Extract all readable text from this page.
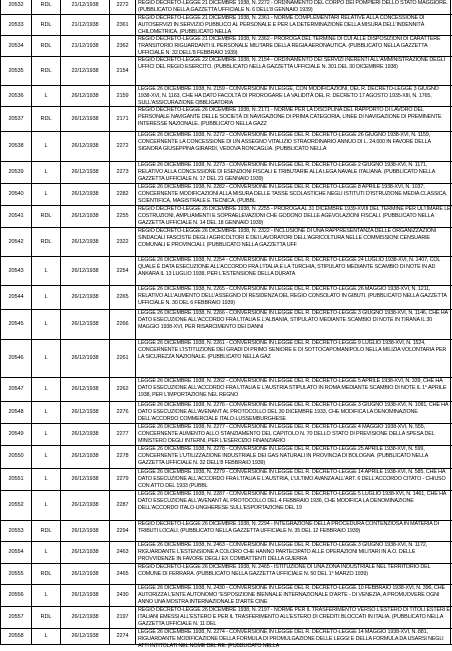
20532	RDL	21/12/1938	2272	REGIO DECRETO-LEGGE 21 DICEMBRE 1938, N. 2272 - ORDINAMENTO DEL CORPO DEI POMPIERI DELLO STATO MAGGIORE. (PUBBLICATO NELLA GAZZETTA UFFICIALE N. 6 DELL'8 GENNAIO 1939)
20533	RDL	21/12/1938	2361
REGIO DECRETO-LEGGE 21 DICEMBRE 1938, N. 2361 - NORME COMPLEMENTARI RELATIVE ALLA CONCESSIONE DI AUTOSERVIZI IN SERVIZIO PUBBLICO AL PERSONALE E PER LA DETERMINAZIONE DELLA MISURA DELL'INDENNITÀ CHILOMETRICA. (PUBBLICATO NELLA
20534	RDL	21/12/1938	2362
REGIO DECRETO-LEGGE 21 DICEMBRE 1938, N. 2362 - PROROGA DEL TERMINE DI CUI ALLE DISPOSIZIONI DI CARATTERE TRANSITORIO RIGUARDANTI IL PERSONALE MILITARE DELLA REGIA AERONAUTICA. (PUBBLICATO NELLA GAZZETTA UFFICIALE N. 32 DELL'8 FEBBRAIO 1939)
20535	RDL	22/12/1938	2154
REGIO DECRETO-LEGGE 22 DICEMBRE 1938, N. 2154 - ORDINAMENTO DEI SERVIZI INERENTI ALL'AMMINISTRAZIONE DEGLI UFFICI DEL REGIO ESERCITO. (PUBBLICATO NELLA GAZZETTA UFFICIALE N. 301 DEL 30 DICEMBRE 1938)
20536	L	26/12/1938	2159
LEGGE 26 DICEMBRE 1938, N. 2159 - CONVERSIONE IN LEGGE, CON MODIFICAZIONI, DEL R. DECRETO-LEGGE 3 GIUGNO 1938-XVI, N. 1163, CHE HA DATO FACOLTÀ DI PROROGARE LA VALIDITÀ DEL R. DECRETO 17 AGOSTO 1935-XIII, N. 1765, SULL'ASSICURAZIONE OBBLIGATORIA
20537	RDL	26/12/1938	2171
REGIO DECRETO-LEGGE 26 DICEMBRE 1938, N. 2171 - NORME PER LA DISCIPLINA DEL RAPPORTO DI LAVORO DEL PERSONALE NAVIGANTE DELLE SOCIETÀ DI NAVIGAZIONE DI PRIMA CATEGORIA, LINEE DI NAVIGAZIONE DI PREMINENTE INTERESSE NAZIONALE. (PUBBLICATO NELLA GAZZ
20538	L	26/12/1938	2272
LEGGE 26 DICEMBRE 1938, N. 2272 - CONVERSIONE IN LEGGE DEL R. DECRETO-LEGGE 26 GIUGNO 1938-XVI, N. 1159, CONCERNENTE LA CONCESSIONE DI UN ASSEGNO VITALIZIO STRAORDINARIO ANNUO DI L. 24.000 IN FAVORE DELLA SIGNORA GIUSEPPINA GIRARDI, VEDOVA RONCAGLIA. (PUBBLICATO NELLA
20539	L	26/12/1938	2273
LEGGE 26 DICEMBRE 1938, N. 2273 - CONVERSIONE IN LEGGE DEL R. DECRETO-LEGGE 2 GIUGNO 1938-XVI, N. 1171, RELATIVO ALLA CONCESSIONE DI ESENZIONI FISCALI E TRIBUTARIE ALLA LEGA NAVALE ITALIANA. (PUBBLICATO NELLA GAZZETTA UFFICIALE N. 17 DEL 21 GENNAIO 1939)
20540	L	26/12/1938	2282
LEGGE 26 DICEMBRE 1938, N. 2282 - CONVERSIONE IN LEGGE DEL R. DECRETO-LEGGE 8 APRILE 1938-XVI, N. 1037, CONCERNENTE MODIFICAZIONI ALLA MISURA DELLE TASSE SCOLASTICHE NEGLI ISTITUTI D'ISTRUZIONE MEDIA CLASSICA, SCIENTIFICA, MAGISTRALE E TECNICA. (PUBBL
20541	RDL	26/12/1938	2255
REGIO DECRETO-LEGGE 26 DICEMBRE 1938, N. 2255 - PROROGA AL 31 DICEMBRE 1939-XVIII DEL TERMINE PER ULTIMARE LE COSTRUZIONI, AMPLIAMENTI E SOPRAELEVAZIONI CHE GODONO DELLE AGEVOLAZIONI FISCALI. (PUBBLICATO NELLA GAZZETTA UFFICIALE N. 14 DEL 18 GENNAIO 1939)
20542	RDL	26/12/1938	2322
REGIO DECRETO-LEGGE 26 DICEMBRE 1938, N. 2322 - INCLUSIONE DI UNA RAPPRESENTANZA DELLE ORGANIZZAZIONI SINDACALI FASCISTE DEGLI AGRICOLTORI E DEI LAVORATORI DELL'AGRICOLTURA NELLE COMMISSIONI CENSUARIE COMUNALI E PROVINCIALI. (PUBBLICATO NELLA GAZZETTA UFF
20543	L	26/12/1938	2254
LEGGE 26 DICEMBRE 1938, N. 2254 - CONVERSIONE IN LEGGE DEL R. DECRETO-LEGGE 24 LUGLIO 1938-XVI, N. 1407, COL QUALE È DATA ESECUZIONE ALL'ACCORDO FRA L'ITALIA E LA TURCHIA, STIPULATO MEDIANTE SCAMBIO DI NOTE IN AD ANKARA IL 13 LUGLIO 1938, PER L'ESTENSIONE DELLA DURATA
20544	L	26/12/1938	2265
LEGGE 26 DICEMBRE 1938, N. 2265 - CONVERSIONE IN LEGGE DEL R. DECRETO-LEGGE 26 MAGGIO 1938-XVI, N. 1211, RELATIVO ALL'AUMENTO DELL'ASSEGNO DI RESIDENZA DEL REGIO CONSOLATO IN GIBUTI. (PUBBLICATO NELLA GAZZETTA UFFICIALE N. 30 DEL 6 FEBBRAIO 1939)
20545	L	26/12/1938	2266
LEGGE 26 DICEMBRE 1938, N. 2266 - CONVERSIONE IN LEGGE DEL R. DECRETO-LEGGE 3 GIUGNO 1938-XVI, N. 1146, CHE HA DATO ESECUZIONE ALL'ACCORDO FRA L'ITALIA E L'ALBANIA, STIPULATO MEDIANTE SCAMBIO DI NOTE IN TIRANA IL 30 MAGGIO 1938-XVI, PER RISARCIMENTO DEI DANNI
20546	L	26/12/1938	2261
LEGGE 26 DICEMBRE 1938, N. 2261 - CONVERSIONE IN LEGGE DEL R. DECRETO-LEGGE 9 LUGLIO 1938-XVI, N. 1524, CONCERNENTE L'ISTITUZIONE DEI GRADI DI PRIMO SENIORE E DI SOTTOCAPOMANIPOLO NELLA MILIZIA VOLONTARIA PER LA SICUREZZA NAZIONALE. (PUBBLICATO NELLA GAZ
20547	L	26/12/1938	2262
LEGGE 26 DICEMBRE 1938, N. 2262 - CONVERSIONE IN LEGGE DEL R. DECRETO-LEGGE 5 APRILE 1938-XVI, N. 339, CHE HA DATO ESECUZIONE ALL'ACCORDO FRA L'ITALIA E L'AUSTRIA STIPULATO IN ROMA MEDIANTE SCAMBIO DI NOTE IL 1° APRILE 1938, PER L'IMPORTAZIONE NEL REGNO
20548	L	26/12/1938	2276
LEGGE 26 DICEMBRE 1938, N. 2276 - CONVERSIONE IN LEGGE DEL R. DECRETO-LEGGE 3 GIUGNO 1938-XVI, N. 1081, CHE HA DATO ESECUZIONE ALL'AVENANT AL PROTOCOLLO DEL 30 DICEMBRE 1933, CHE MODIFICA LA DENOMINAZIONE DELL'ACCORDO COMMERCIALE ITALO-LUSSEMBURGHESE
20549	L	26/12/1938	2277
LEGGE 26 DICEMBRE 1938, N. 2277 - CONVERSIONE IN LEGGE DEL R. DECRETO-LEGGE 4 MAGGIO 1938-XVI, N. 555, CONCERNENTE AUMENTO ALLO STANZIAMENTO DEL CAPITOLO N. 70 DELLO STATO DI PREVISIONE DELLA SPESA DEL MINISTERO DEGLI INTERNI, PER L'ESERCIZIO FINANZIARIO
20550	L	26/12/1938	2278
LEGGE 26 DICEMBRE 1938, N. 2278 - CONVERSIONE IN LEGGE DEL R. DECRETO-LEGGE 25 APRILE 1938-XVI, N. 599, CONCERNENTE L'UTILIZZAZIONE INDUSTRIALE DEI GAS NATURALI IN PROVINCIA DI BOLOGNA. (PUBBLICATO NELLA GAZZETTA UFFICIALE N. 32 DELL'8 FEBBRAIO 1939)
20551	L	26/12/1938	2279
LEGGE 26 DICEMBRE 1938, N. 2279 - CONVERSIONE IN LEGGE DEL R. DECRETO-LEGGE 14 APRILE 1938-XVI, N. 585, CHE HA DATO ESECUZIONE ALL'ACCORDO FRA L'ITALIA E L'AUSTRIA, L'ULTIMO AVANZA ALL'ART. 6 DELL'ACCORDO CITATO - CHIUSO CON ATTO DEL 1933 (PUBBL
20552	L	26/12/1938	2287
LEGGE 26 DICEMBRE 1938, N. 2287 - CONVERSIONE IN LEGGE DEL R. DECRETO-LEGGE 5 LUGLIO 1938-XVI, N. 1461, CHE HA DATO ESECUZIONE ALL'AVENANT AL PROTOCOLLO DEL 4 FEBBRAIO 1936, CHE MODIFICA LA DENOMINAZIONE DELL'ACCORDO ITALO-UNGHERESE SULL'ESPORTAZIONE DEL 19
20553	RDL	26/12/1938	2294
REGIO DECRETO-LEGGE 26 DICEMBRE 1938, N. 2294 - INTEGRAZIONE DELLA PROCEDURA CONTENZIOSA IN MATERIA DI TRIBUTI LOCALI. (PUBBLICATO NELLA GAZZETTA UFFICIALE N. 35 DEL 12 FEBBRAIO 1939)
20554	L	26/12/1938	2463
LEGGE 26 DICEMBRE 1938, N. 2463 - CONVERSIONE IN LEGGE DEL R. DECRETO-LEGGE 3 GIUGNO 1938-XVI, N. 1172, RIGUARDANTE L'ESTENSIONE A COLORO CHE HANNO PARTECIPATO ALLE OPERAZIONI MILITARI IN A.O. DELLE PROVVIDENZE IN FAVORE DEGLI EX COMBATTENTI DELLA GUERRA
20555	RDL	26/12/1938	2465
REGIO DECRETO-LEGGE 26 DICEMBRE 1938, N. 2465 - ISTITUZIONE DI UNA ZONA INDUSTRIALE NEL TERRITORIO DEL COMUNE DI FERRARA. (PUBBLICATO NELLA GAZZETTA UFFICIALE N. 50 DEL 1° MARZO 1939)
20556	L	26/12/1938	2430
LEGGE 26 DICEMBRE 1938, N. 2430 - CONVERSIONE IN LEGGE DEL R. DECRETO-LEGGE 10 FEBBRAIO 1938-XVI, N. 396, CHE AUTORIZZA L'ENTE AUTONOMO "ESPOSIZIONE BIENNALE INTERNAZIONALE D'ARTE - DI VENEZIA, A PROMUOVERE OGNI ANNO UNA MOSTRA INTERNAZIONALE D'ARTE CINE
20557	RDL	26/12/1938	2197
REGIO DECRETO-LEGGE 26 DICEMBRE 1938, N. 2197 - NORME PER IL TRASFERIMENTO VERSO L'ESTERO DI TITOLI ESTERI E ITALIANI EMESSI ALL'ESTERO E PER IL TRASFERIMENTO ALL'ESTERO DI CREDITI BLOCCATI IN ITALIA. (PUBBLICATO NELLA GAZZETTA UFFICIALE N. 11 DEL
20558	L	26/12/1938	2274
LEGGE 26 DICEMBRE 1938, N. 2274 - CONVERSIONE IN LEGGE DEL R. DECRETO-LEGGE 14 MAGGIO 1938-XVI, N. 881, RIGUARDANTE MODIFICAZIONE DELLA FORMULA DI PROMULGAZIONE DELLE LEGGI E DELLA FORMULA DA USARSI NEGLI ATTI INTITOLATI NEL NOME DEL RE. (PUBBLICATO NELLA
